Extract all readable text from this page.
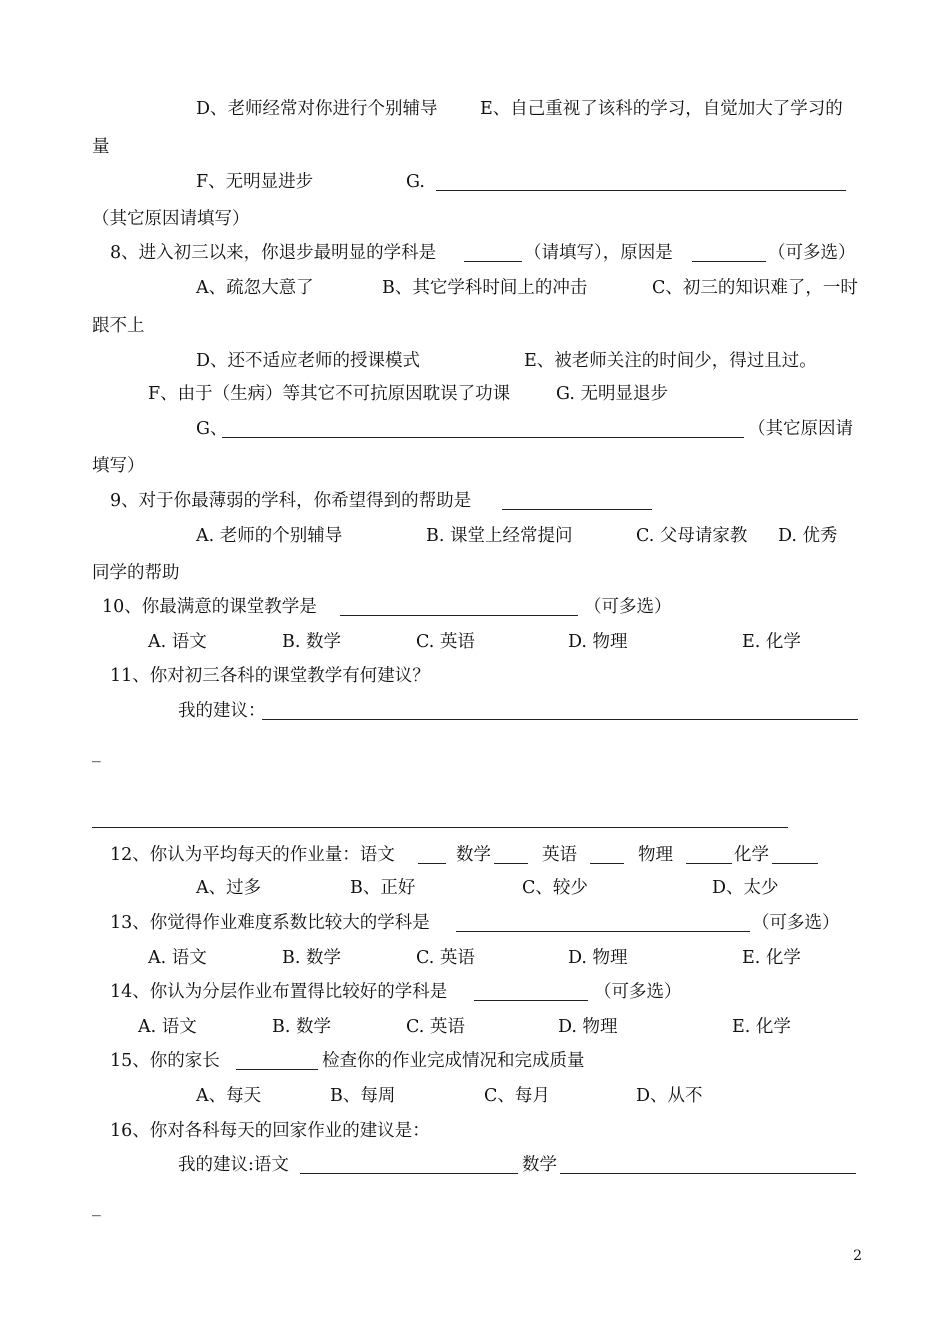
D、老师经常对你进行个别辅导 E、自己重视了该科的学习，自觉加大了学习的
量
F、无明显进步	G.
（其它原因请填写）
8、进入初三以来，你退步最明显的学科是	（请填写），原因是	（可多选）
A、疏忽大意了	B、其它学科时间上的冲击	C、初三的知识难了，一时
跟不上
D、还不适应老师的授课模式	E、被老师关注的时间少，得过且过。
F、由于（生病）等其它不可抗原因耽误了功课	G. 无明显退步
G、	（其它原因请
填写）
9、对于你最薄弱的学科，你希望得到的帮助是
A. 老师的个别辅导	B. 课堂上经常提问	C. 父母请家教 D. 优秀
同学的帮助
10、你最满意的课堂教学是	（可多选）
A. 语文	B. 数学	C. 英语	D. 物理	E. 化学
11、你对初三各科的课堂教学有何建议？
我的建议：
_
12、你认为平均每天的作业量：语文	数学	英语	物理	化学
A、过多	B、正好	C、较少	D、太少
13、你觉得作业难度系数比较大的学科是	（可多选）
A. 语文	B. 数学	C. 英语	D. 物理	E. 化学
14、你认为分层作业布置得比较好的学科是	（可多选）
A. 语文	B. 数学	C. 英语	D. 物理	E. 化学
15、你的家长	检查你的作业完成情况和完成质量
A、每天	B、每周	C、每月	D、从不
16、你对各科每天的回家作业的建议是：
我的建议:语文	数学
_
2
